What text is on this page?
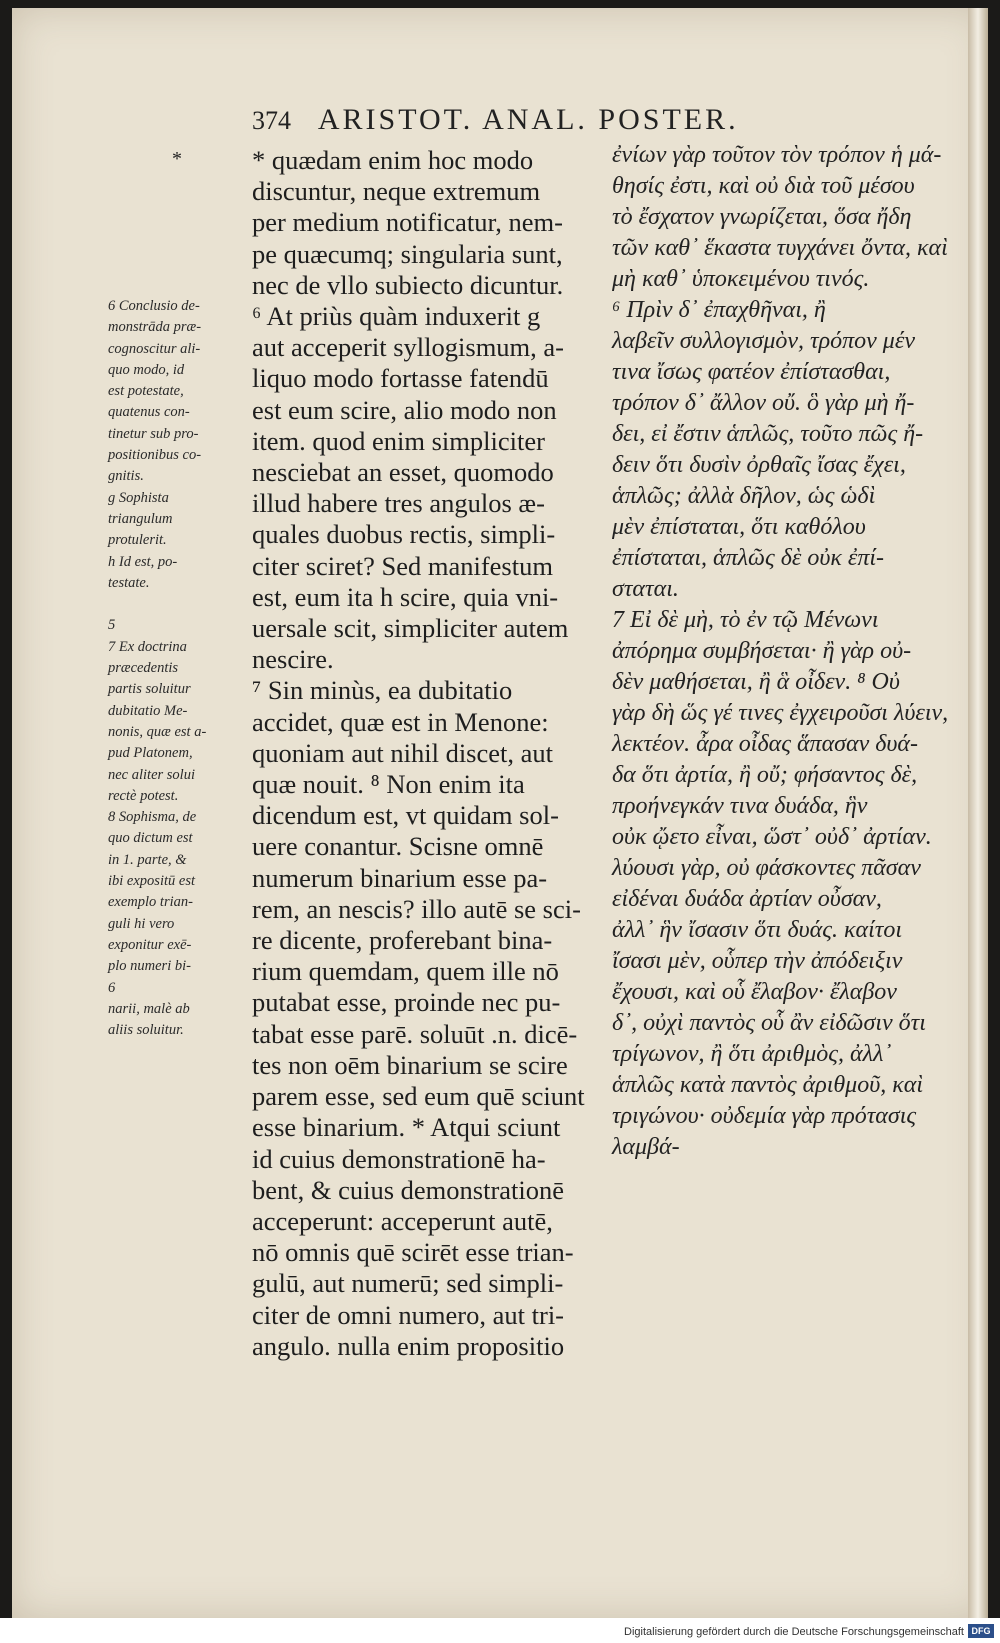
374 ARISTOT. ANAL. POSTER.
*	* quædam enim hoc modo
discuntur, neque extremum
per medium notificatur, nem-
pe quæcumq; singularia sunt,
nec de vllo subiecto dicuntur.
⁶ At priùs quàm induxerit g
aut acceperit syllogismum, a-
liquo modo fortasse fatendū
est eum scire, alio modo non
item. quod enim simpliciter
nesciebat an esset, quomodo
illud habere tres angulos æ-
quales duobus rectis, simpli-
citer sciret? Sed manifestum
est, eum ita h scire, quia vni-
uersale scit, simpliciter autem
nescire.
⁷ Sin minùs, ea dubitatio
accidet, quæ est in Menone:
quoniam aut nihil discet, aut
quæ nouit. ⁸ Non enim ita
dicendum est, vt quidam sol-
uere conantur. Scisne omnē
numerum binarium esse pa-
rem, an nescis? illo autē se sci-
re dicente, proferebant bina-
rium quemdam, quem ille nō
putabat esse, proinde nec pu-
tabat esse parē. soluūt .n. dicē-
tes non oēm binarium se scire
parem esse, sed eum quē sciunt
esse binarium. * Atqui sciunt
id cuius demonstrationē ha-
bent, & cuius demonstrationē
acceperunt: acceperunt autē,
nō omnis quē scirēt esse trian-
gulū, aut numerū; sed simpli-
citer de omni numero, aut tri-
angulo. nulla enim propositio
ἐνίων γὰρ τοῦτον τὸν τρόπον ἡ μά-
θησίς ἐστι, καὶ οὐ διὰ τοῦ μέσου
τὸ ἔσχατον γνωρίζεται, ὅσα ἤδη
τῶν καθ᾽ ἕκαστα τυγχάνει ὄντα, καὶ
μὴ καθ᾽ ὑποκειμένου τινός.
⁶ Πρὶν δ᾽ ἐπαχθῆναι, ἢ
λαβεῖν συλλογισμὸν, τρόπον μέν
τινα ἴσως φατέον ἐπίστασθαι,
τρόπον δ᾽ ἄλλον οὔ. ὃ γὰρ μὴ ἤ-
δει, εἰ ἔστιν ἁπλῶς, τοῦτο πῶς ἤ-
δειν ὅτι δυσὶν ὀρθαῖς ἴσας ἔχει,
ἁπλῶς; ἀλλὰ δῆλον, ὡς ὡδὶ
μὲν ἐπίσταται, ὅτι καθόλου
ἐπίσταται, ἁπλῶς δὲ οὐκ ἐπί-
σταται.
7 Εἰ δὲ μὴ, τὸ ἐν τῷ Μένωνι
ἀπόρημα συμβήσεται· ἢ γὰρ οὐ-
δὲν μαθήσεται, ἢ ἃ οἶδεν. ⁸ Οὐ
γὰρ δὴ ὥς γέ τινες ἐγχειροῦσι λύειν,
λεκτέον. ἆρα οἶδας ἅπασαν δυά-
δα ὅτι ἀρτία, ἢ οὔ; φήσαντος δὲ,
προήνεγκάν τινα δυάδα, ἣν
οὐκ ᾤετο εἶναι, ὥστ᾽ οὐδ᾽ ἀρτίαν.
λύουσι γὰρ, οὐ φάσκοντες πᾶσαν
εἰδέναι δυάδα ἀρτίαν οὖσαν,
ἀλλ᾽ ἣν ἴσασιν ὅτι δυάς. καίτοι
ἴσασι μὲν, οὗπερ τὴν ἀπόδειξιν
ἔχουσι, καὶ οὗ ἔλαβον· ἔλαβον
δ᾽, οὐχὶ παντὸς οὗ ἂν εἰδῶσιν ὅτι
τρίγωνον, ἢ ὅτι ἀριθμὸς, ἀλλ᾽
ἁπλῶς κατὰ παντὸς ἀριθμοῦ, καὶ
τριγώνου· οὐδεμία γὰρ πρότασις
λαμβά-
6 Conclusio de-
monstrāda præ-
cognoscitur ali-
quo modo, id
est potestate,
quatenus con-
tinetur sub pro-
positionibus co-
gnitis.
g Sophista
triangulum
protulerit.
h Id est, po-
testate.

5
7 Ex doctrina
præcedentis
partis soluitur
dubitatio Me-
nonis, quæ est a-
pud Platonem,
nec aliter solui
rectè potest.
8 Sophisma, de
quo dictum est
in 1. parte, &
ibi expositū est
exemplo trian-
guli hi vero
exponitur exē-
plo numeri bi-
6
narii, malè ab
aliis soluitur.
Digitalisierung gefördert durch die Deutsche Forschungsgemeinschaft DFG
